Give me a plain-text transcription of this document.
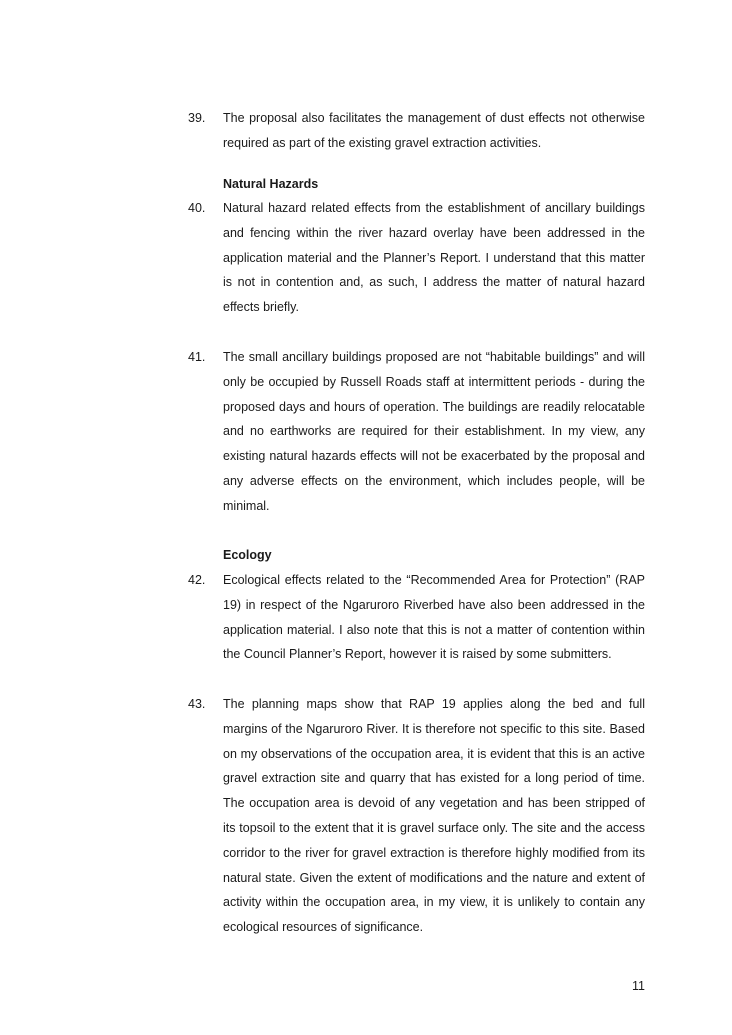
39. The proposal also facilitates the management of dust effects not otherwise required as part of the existing gravel extraction activities.
Natural Hazards
40. Natural hazard related effects from the establishment of ancillary buildings and fencing within the river hazard overlay have been addressed in the application material and the Planner’s Report. I understand that this matter is not in contention and, as such, I address the matter of natural hazard effects briefly.
41. The small ancillary buildings proposed are not “habitable buildings” and will only be occupied by Russell Roads staff at intermittent periods - during the proposed days and hours of operation. The buildings are readily relocatable and no earthworks are required for their establishment. In my view, any existing natural hazards effects will not be exacerbated by the proposal and any adverse effects on the environment, which includes people, will be minimal.
Ecology
42. Ecological effects related to the “Recommended Area for Protection” (RAP 19) in respect of the Ngaruroro Riverbed have also been addressed in the application material. I also note that this is not a matter of contention within the Council Planner’s Report, however it is raised by some submitters.
43. The planning maps show that RAP 19 applies along the bed and full margins of the Ngaruroro River. It is therefore not specific to this site. Based on my observations of the occupation area, it is evident that this is an active gravel extraction site and quarry that has existed for a long period of time. The occupation area is devoid of any vegetation and has been stripped of its topsoil to the extent that it is gravel surface only. The site and the access corridor to the river for gravel extraction is therefore highly modified from its natural state. Given the extent of modifications and the nature and extent of activity within the occupation area, in my view, it is unlikely to contain any ecological resources of significance.
11
